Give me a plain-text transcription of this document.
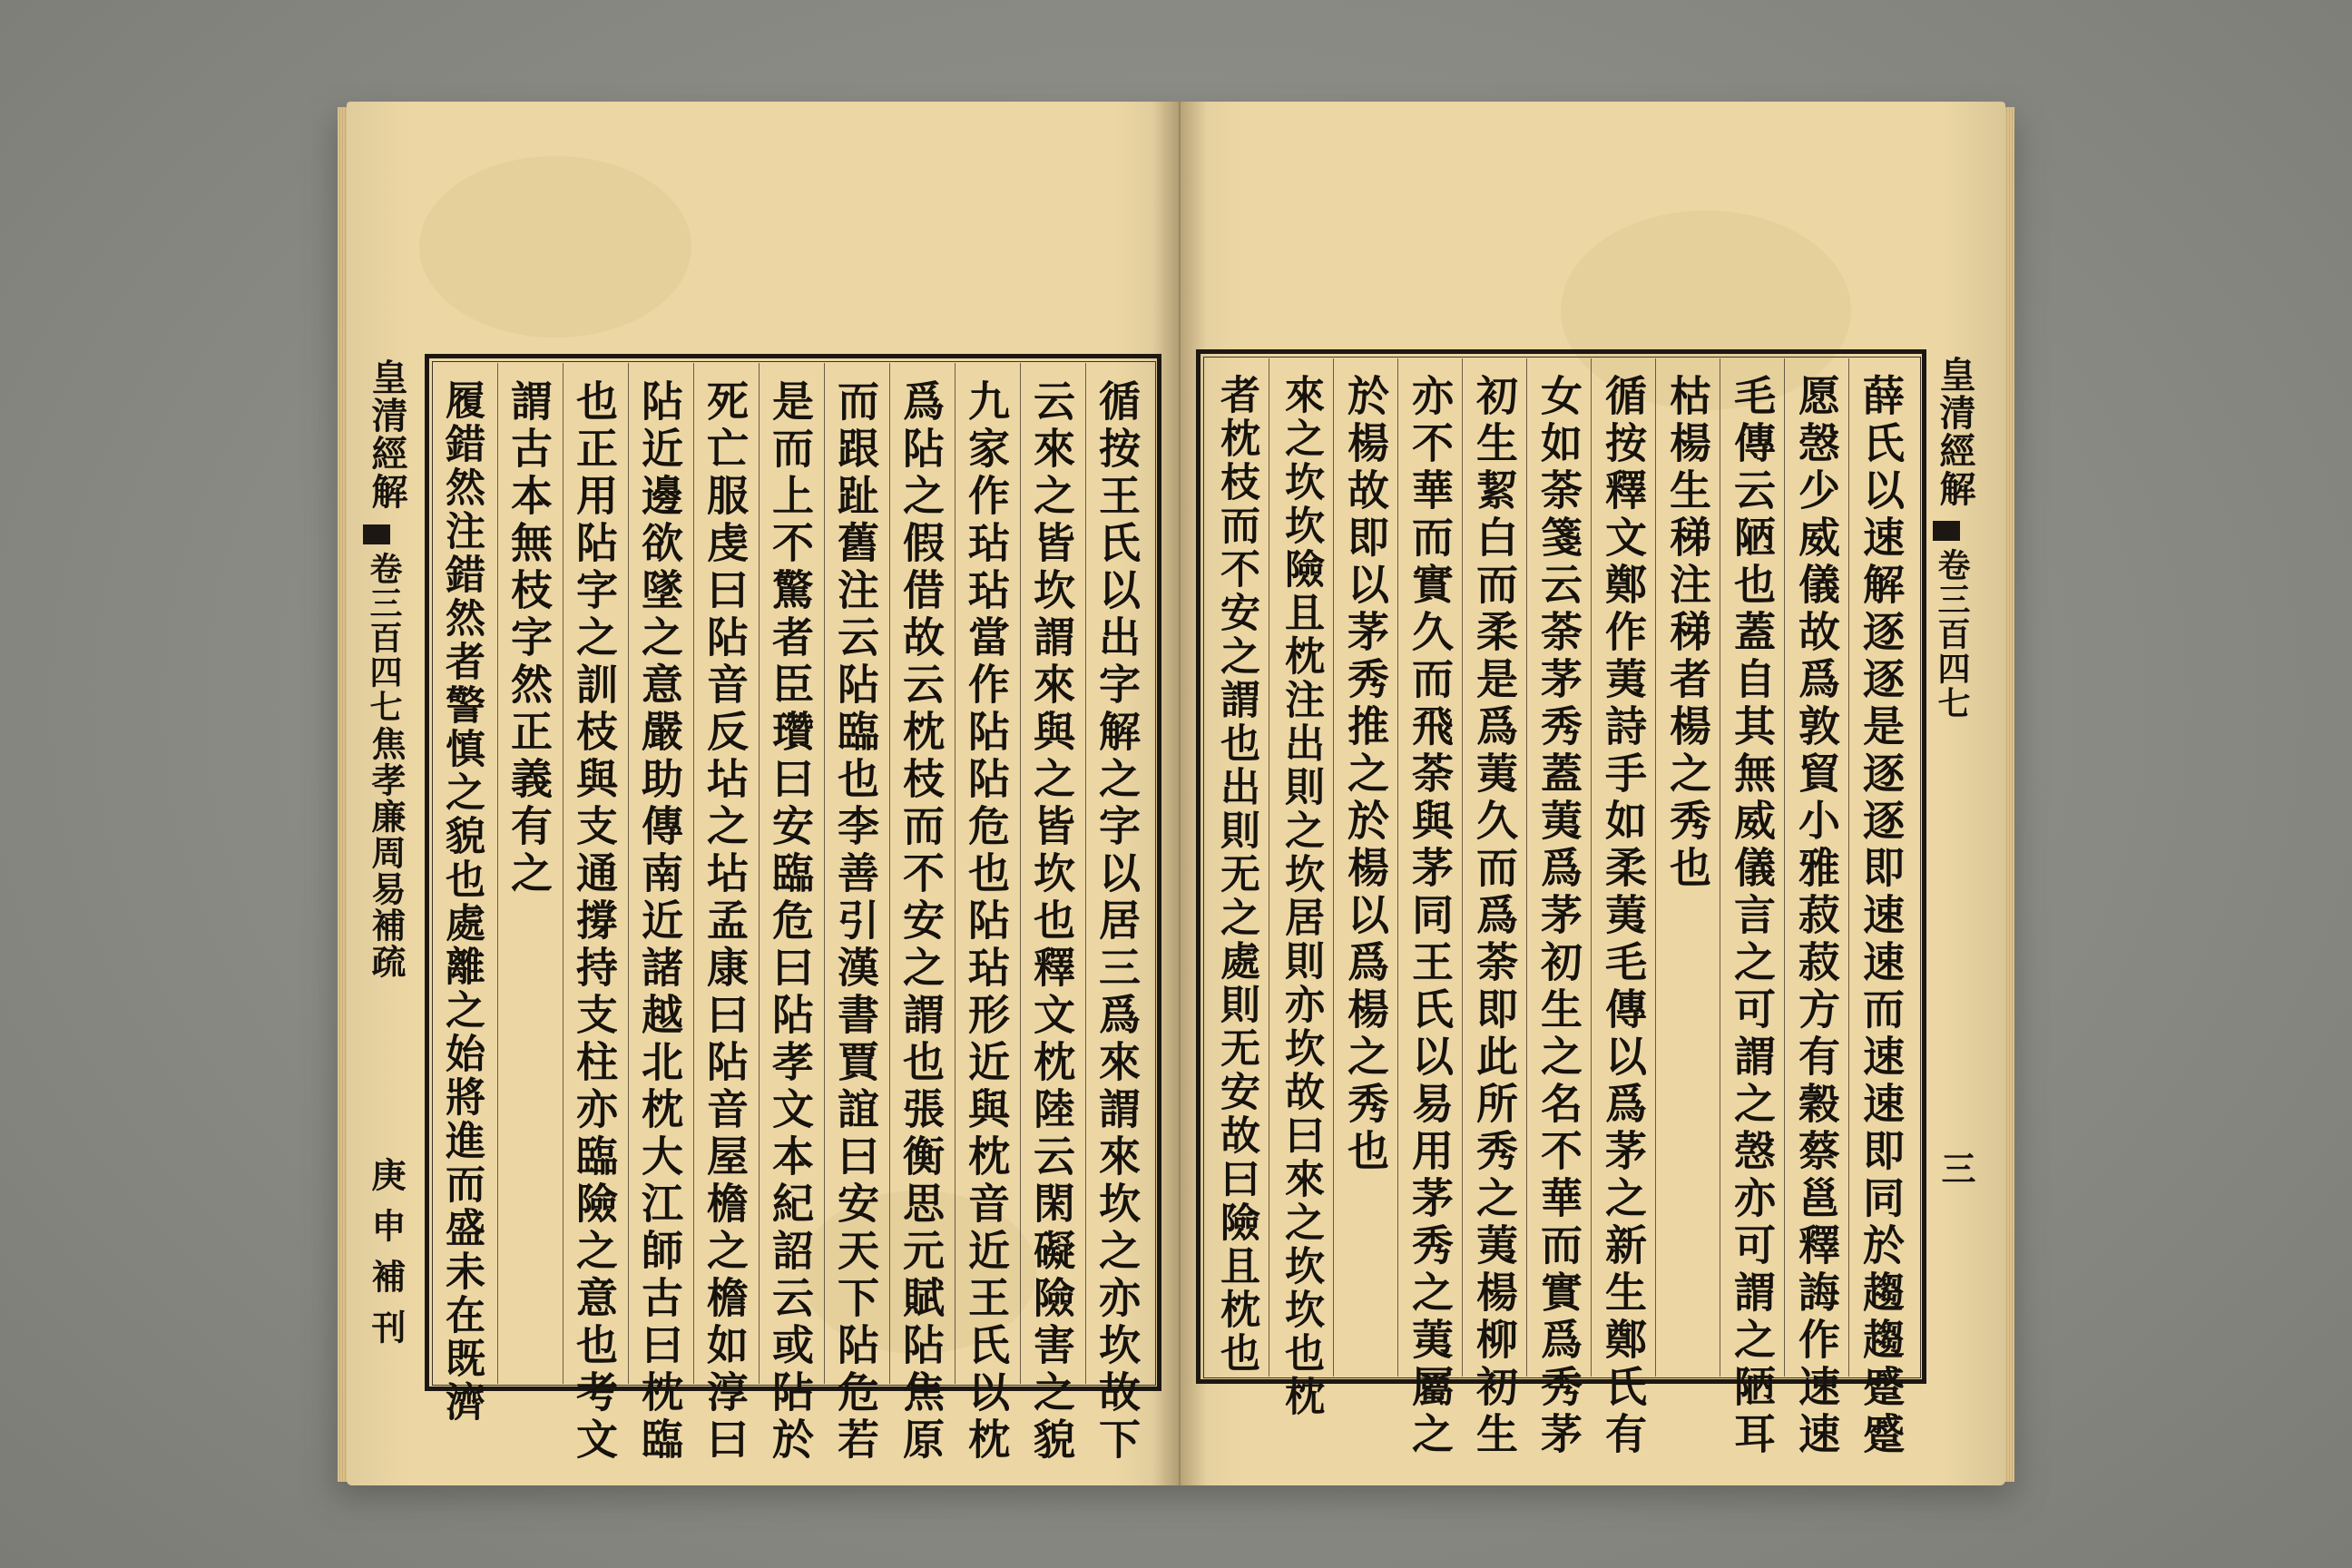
皇清經解
卷三百四七
焦孝廉周易補疏
庚申補刊	循按王氏以出字解之字以居三爲來謂來坎之亦坎故下
云來之皆坎謂來與之皆坎也釋文枕陸云閑礙險害之貌
九家作玷玷當作阽阽危也阽玷形近與枕音近王氏以枕
爲阽之假借故云枕枝而不安之謂也張衡思元賦阽焦原
而跟趾舊注云阽臨也李善引漢書賈誼曰安天下阽危若
是而上不驚者臣瓚曰安臨危曰阽孝文本紀詔云或阽於
死亡服虔曰阽音反坫之坫孟康曰阽音屋檐之檐如淳曰
阽近邊欲墜之意嚴助傳南近諸越北枕大江師古曰枕臨
也正用阽字之訓枝與支通撐持支柱亦臨險之意也考文
謂古本無枝字然正義有之
履錯然注錯然者警慎之貌也處離之始將進而盛未在既濟	皇清經解
卷三百四七
三
薛氏以速解逐逐是逐逐即速速而速速即同於趨趨蹙蹙
愿愨少威儀故爲敦貿小雅菽菽方有穀蔡邕釋誨作速速
毛傳云陋也蓋自其無威儀言之可謂之愨亦可謂之陋耳
枯楊生稊注稊者楊之秀也
循按釋文鄭作荑詩手如柔荑毛傳以爲茅之新生鄭氏有
女如荼箋云荼茅秀蓋荑爲茅初生之名不華而實爲秀茅
初生絜白而柔是爲荑久而爲荼即此所秀之荑楊柳初生
亦不華而實久而飛荼與茅同王氏以易用茅秀之荑屬之
於楊故即以茅秀推之於楊以爲楊之秀也
來之坎坎險且枕注出則之坎居則亦坎故曰來之坎坎也枕
者枕枝而不安之謂也出則无之處則无安故曰險且枕也
